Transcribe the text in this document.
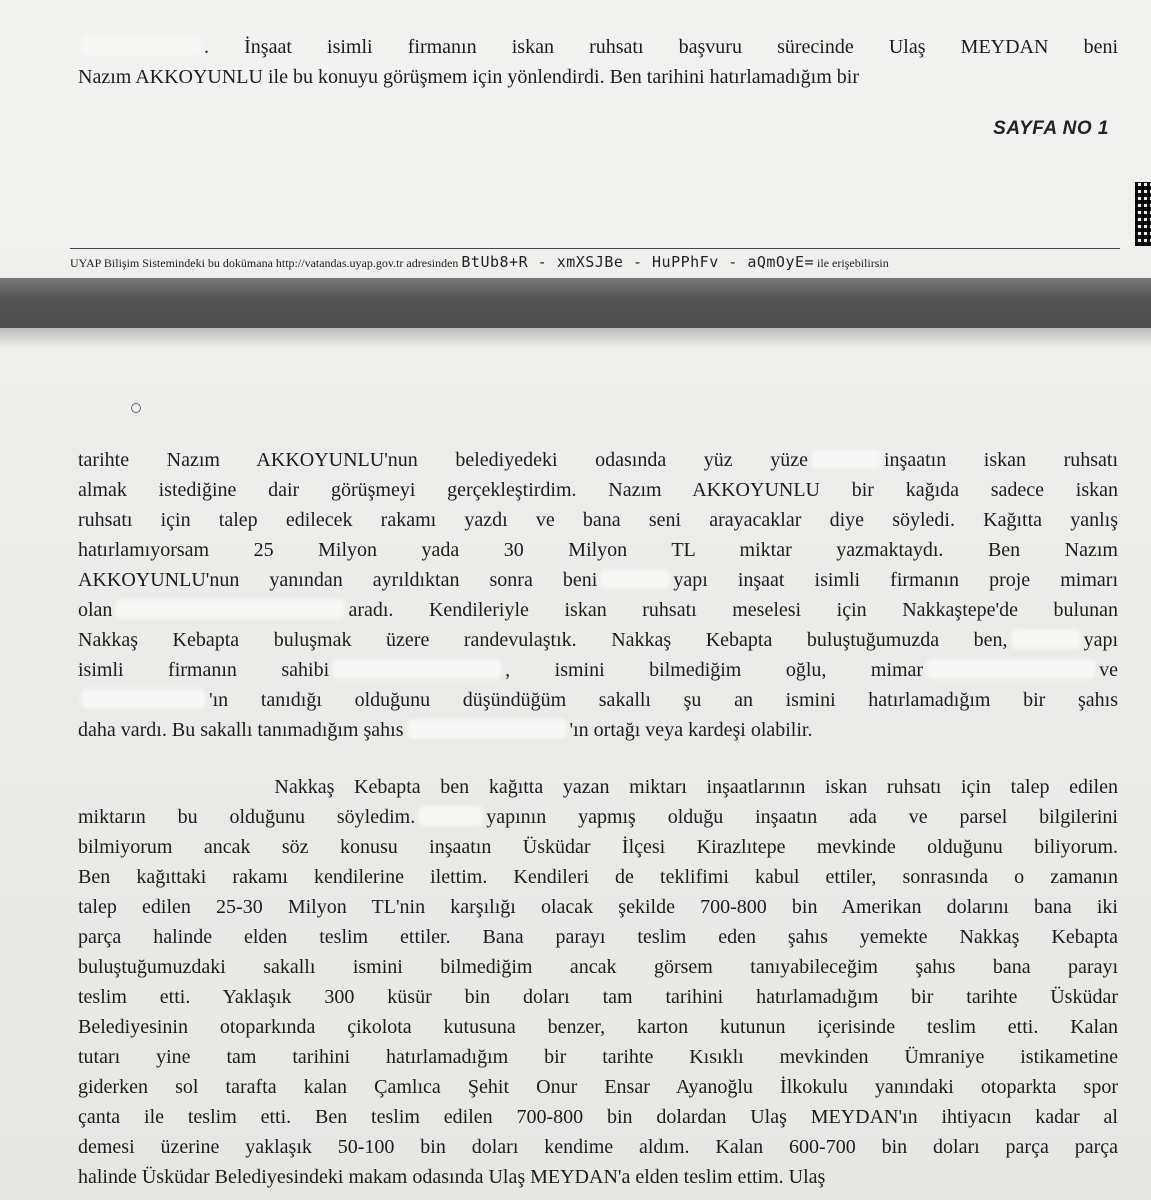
. İnşaat isimli firmanın iskan ruhsatı başvuru sürecinde Ulaş MEYDAN beni
Nazım AKKOYUNLU ile bu konuyu görüşmem için yönlendirdi. Ben tarihini hatırlamadığım bir
SAYFA NO 1
UYAP Bilişim Sistemindeki bu dokümana http://vatandas.uyap.gov.tr adresinden BtUb8+R - xmXSJBe - HuPPhFv - aQmOyE= ile erişebilirsin
tarihte Nazım AKKOYUNLU'nun belediyedeki odasında yüz yüze	inşaatın iskan ruhsatı
almak istediğine dair görüşmeyi gerçekleştirdim. Nazım AKKOYUNLU bir kağıda sadece iskan
ruhsatı için talep edilecek rakamı yazdı ve bana seni arayacaklar diye söyledi. Kağıtta yanlış
hatırlamıyorsam 25 Milyon yada 30 Milyon TL miktar yazmaktaydı. Ben Nazım
AKKOYUNLU'nun yanından ayrıldıktan sonra beni	yapı inşaat isimli firmanın proje mimarı
olan	aradı. Kendileriyle iskan ruhsatı meselesi için Nakkaştepe'de bulunan
Nakkaş Kebapta buluşmak üzere randevulaştık. Nakkaş Kebapta buluştuğumuzda ben,	yapı
isimli firmanın sahibi	, ismini bilmediğim oğlu, mimar	ve
'ın tanıdığı olduğunu düşündüğüm sakallı şu an ismini hatırlamadığım bir şahıs
daha vardı. Bu sakallı tanımadığım şahıs	'ın ortağı veya kardeşi olabilir.
Nakkaş Kebapta ben kağıtta yazan miktarı inşaatlarının iskan ruhsatı için talep edilen
miktarın bu olduğunu söyledim.	yapının yapmış olduğu inşaatın ada ve parsel bilgilerini
bilmiyorum ancak söz konusu inşaatın Üsküdar İlçesi Kirazlıtepe mevkinde olduğunu biliyorum.
Ben kağıttaki rakamı kendilerine ilettim. Kendileri de teklifimi kabul ettiler, sonrasında o zamanın
talep edilen 25-30 Milyon TL'nin karşılığı olacak şekilde 700-800 bin Amerikan dolarını bana iki
parça halinde elden teslim ettiler. Bana parayı teslim eden şahıs yemekte Nakkaş Kebapta
buluştuğumuzdaki sakallı ismini bilmediğim ancak görsem tanıyabileceğim şahıs bana parayı
teslim etti. Yaklaşık 300 küsür bin doları tam tarihini hatırlamadığım bir tarihte Üsküdar
Belediyesinin otoparkında çikolota kutusuna benzer, karton kutunun içerisinde teslim etti. Kalan
tutarı yine tam tarihini hatırlamadığım bir tarihte Kısıklı mevkinden Ümraniye istikametine
giderken sol tarafta kalan Çamlıca Şehit Onur Ensar Ayanoğlu İlkokulu yanındaki otoparkta spor
çanta ile teslim etti. Ben teslim edilen 700-800 bin dolardan Ulaş MEYDAN'ın ihtiyacın kadar al
demesi üzerine yaklaşık 50-100 bin doları kendime aldım. Kalan 600-700 bin doları parça parça
halinde Üsküdar Belediyesindeki makam odasında Ulaş MEYDAN'a elden teslim ettim. Ulaş
